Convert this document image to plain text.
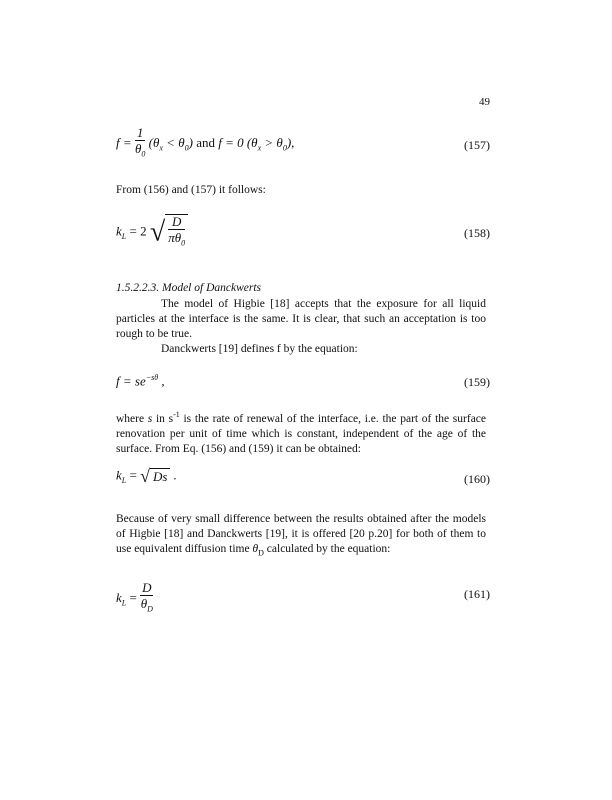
49
$f = \frac{1}{\theta_0} (\theta_x < \theta_0)$ and f = 0 $(\theta_x > \theta_0)$,	(157)
From (156) and (157) it follows:
$k_L = 2$ √ $\frac{D}{\pi\theta_0}$	(158)
1.5.2.2.3. Model of Danckwerts
The model of Higbie [18] accepts that the exposure for all liquid particles at the interface is the same. It is clear, that such an acceptation is too rough to be true.
Danckwerts [19] defines f by the equation:
$f = se^{-s\theta}$ ,	(159)
where s in $s^{-1}$ is the rate of renewal of the interface, i.e. the part of the surface renovation per unit of time which is constant, independent of the age of the surface. From Eq. (156) and (159) it can be obtained:
$k_L$ = √ Ds .	(160)
Because of very small difference between the results obtained after the models of Higbie [18] and Danckwerts [19], it is offered [20 p.20] for both of them to use equivalent diffusion time $\theta_D$ calculated by the equation:
$k_L = \frac{D}{\theta_D}$	(161)
